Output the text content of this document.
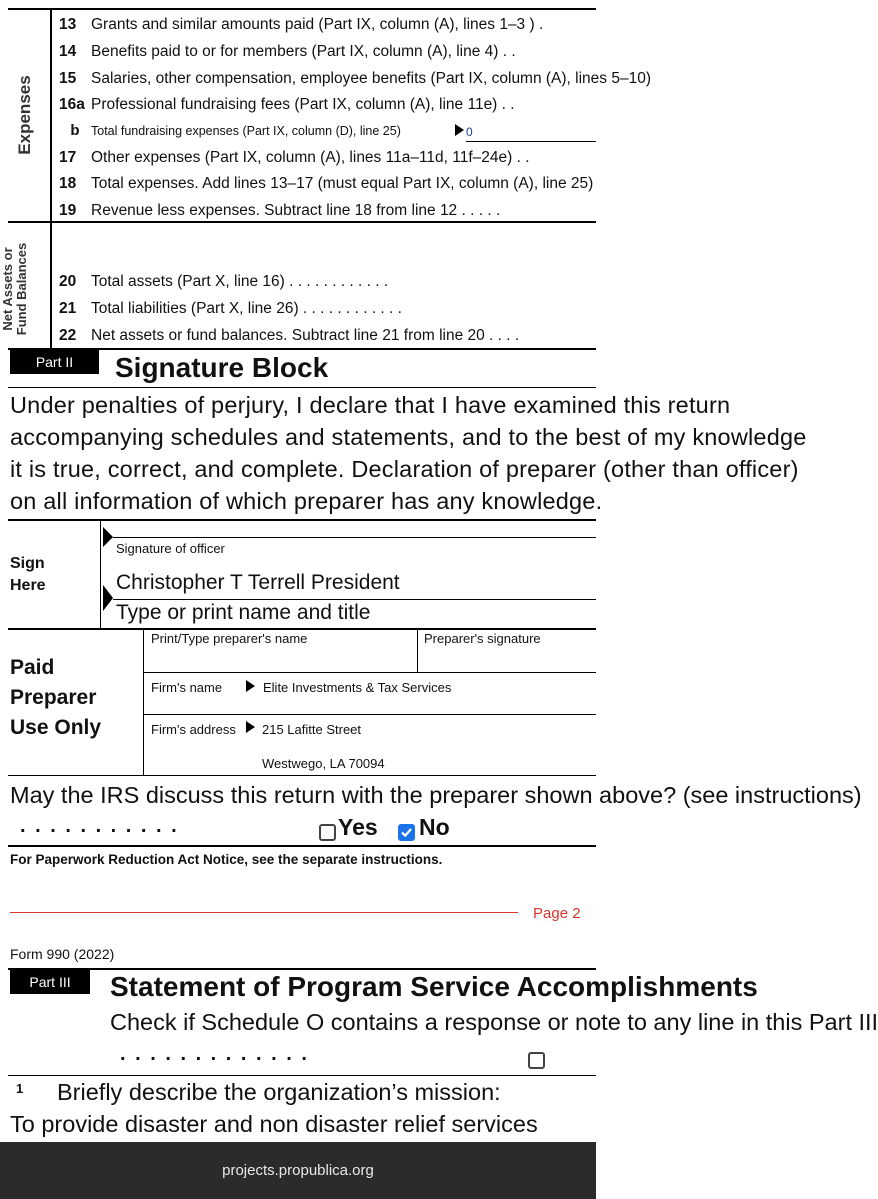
Expenses
13 Grants and similar amounts paid (Part IX, column (A), lines 1–3 ) .
14 Benefits paid to or for members (Part IX, column (A), line 4) . .
15 Salaries, other compensation, employee benefits (Part IX, column (A), lines 5–10)
16a Professional fundraising fees (Part IX, column (A), line 11e) . .
b Total fundraising expenses (Part IX, column (D), line 25)	0
17 Other expenses (Part IX, column (A), lines 11a–11d, 11f–24e) . .
18 Total expenses. Add lines 13–17 (must equal Part IX, column (A), line 25)
19 Revenue less expenses. Subtract line 18 from line 12 . . . . .
Net Assets or Fund Balances 20 Total assets (Part X, line 16) . . . . . . . . . . . .
21 Total liabilities (Part X, line 26) . . . . . . . . . . . .
22 Net assets or fund balances. Subtract line 21 from line 20 . . . .
Part II	Signature Block
Under penalties of perjury, I declare that I have examined this return
accompanying schedules and statements, and to the best of my knowledge
it is true, correct, and complete. Declaration of preparer (other than officer)
on all information of which preparer has any knowledge.
Sign
Here
Signature of officer
Christopher T Terrell President
Type or print name and title
Paid
Preparer
Use Only
Print/Type preparer's name	Preparer's signature
Firm's name	Elite Investments & Tax Services
Firm's address 215 Lafitte Street
Westwego, LA 70094
May the IRS discuss this return with the preparer shown above? (see instructions)
. . . . . . . . . . .	Yes No
For Paperwork Reduction Act Notice, see the separate instructions.
Page 2
Form 990 (2022)
Part III	Statement of Program Service Accomplishments
Check if Schedule O contains a response or note to any line in this Part III
. . . . . . . . . . . . .
1 Briefly describe the organization’s mission:
To provide disaster and non disaster relief services
projects.propublica.org
